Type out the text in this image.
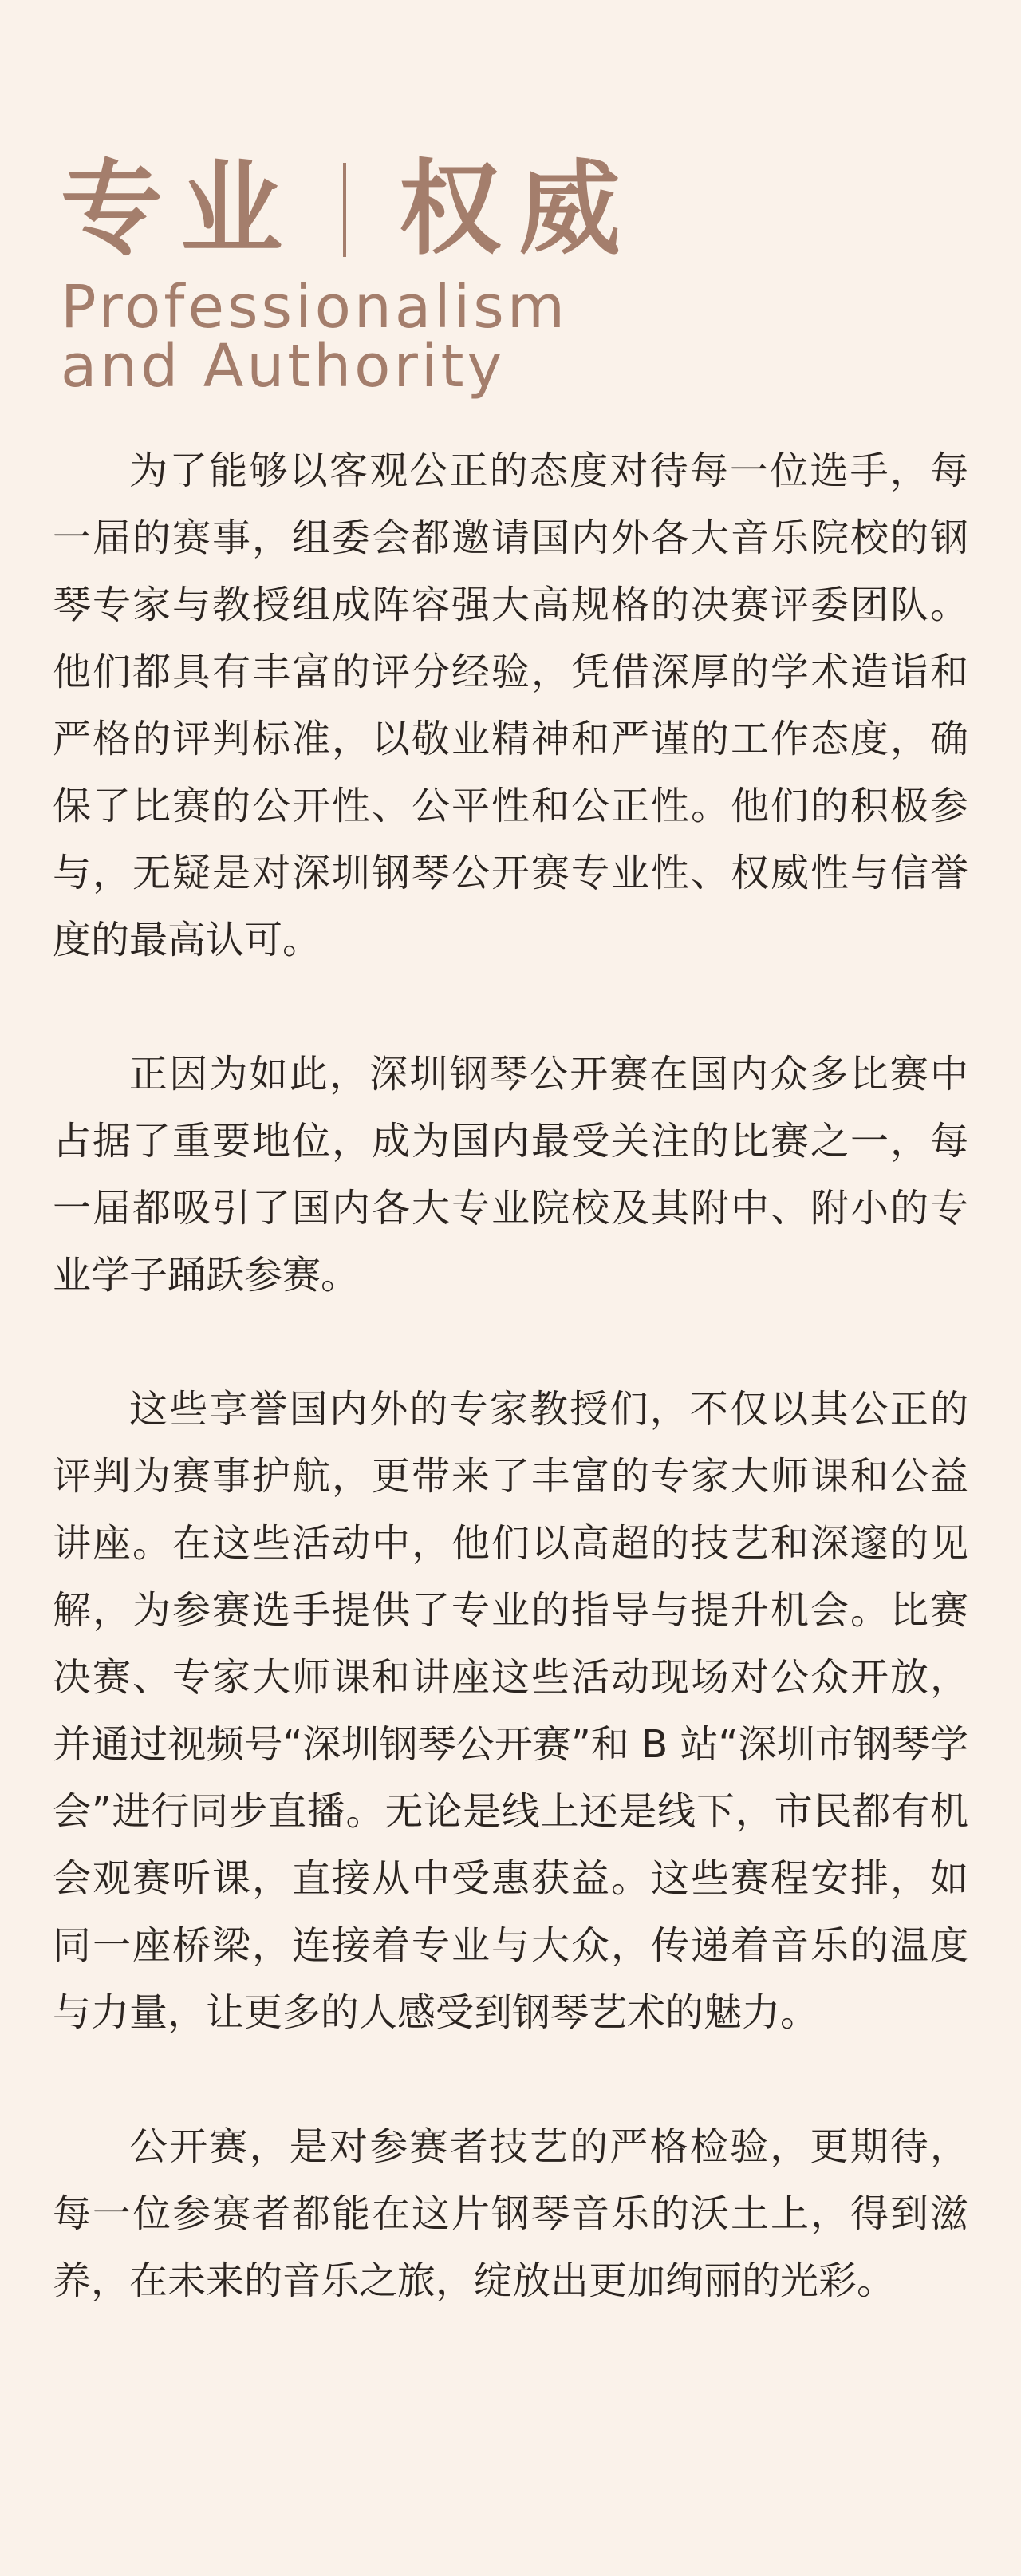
专业 权威
Professionalism
and Authority

为了能够以客观公正的态度对待每一位选手，每一届的赛事，组委会都邀请国内外各大音乐院校的钢琴专家与教授组成阵容强大高规格的决赛评委团队。他们都具有丰富的评分经验，凭借深厚的学术造诣和严格的评判标准，以敬业精神和严谨的工作态度，确保了比赛的公开性、公平性和公正性。他们的积极参与，无疑是对深圳钢琴公开赛专业性、权威性与信誉度的最高认可。

正因为如此，深圳钢琴公开赛在国内众多比赛中占据了重要地位，成为国内最受关注的比赛之一，每一届都吸引了国内各大专业院校及其附中、附小的专业学子踊跃参赛。

这些享誉国内外的专家教授们，不仅以其公正的评判为赛事护航，更带来了丰富的专家大师课和公益讲座。在这些活动中，他们以高超的技艺和深邃的见解，为参赛选手提供了专业的指导与提升机会。比赛决赛、专家大师课和讲座这些活动现场对公众开放，并通过视频号“深圳钢琴公开赛”和 B 站“深圳市钢琴学会”进行同步直播。无论是线上还是线下，市民都有机会观赛听课，直接从中受惠获益。这些赛程安排，如同一座桥梁，连接着专业与大众，传递着音乐的温度与力量，让更多的人感受到钢琴艺术的魅力。

公开赛，是对参赛者技艺的严格检验，更期待，每一位参赛者都能在这片钢琴音乐的沃土上，得到滋养，在未来的音乐之旅，绽放出更加绚丽的光彩。
